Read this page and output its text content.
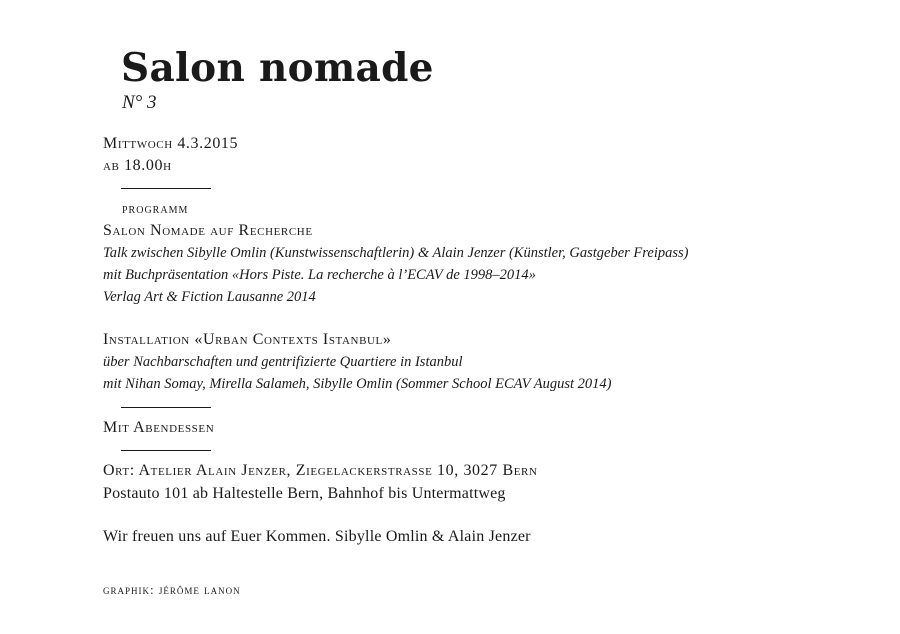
Salon nomade
N° 3
Mittwoch 4.3.2015
ab 18.00h
programm
Salon Nomade auf Recherche
Talk zwischen Sibylle Omlin (Kunstwissenschaftlerin) & Alain Jenzer (Künstler, Gastgeber Freipass)
mit Buchpräsentation «Hors Piste. La recherche à l’ECAV de 1998–2014»
Verlag Art & Fiction Lausanne 2014
Installation «Urban Contexts Istanbul»
über Nachbarschaften und gentrifizierte Quartiere in Istanbul
mit Nihan Somay, Mirella Salameh, Sibylle Omlin (Sommer School ECAV August 2014)
Mit Abendessen
Ort: Atelier Alain Jenzer, Ziegelackerstrasse 10, 3027 Bern
Postauto 101 ab Haltestelle Bern, Bahnhof bis Untermattweg
Wir freuen uns auf Euer Kommen. Sibylle Omlin & Alain Jenzer
graphik: jérôme lanon
